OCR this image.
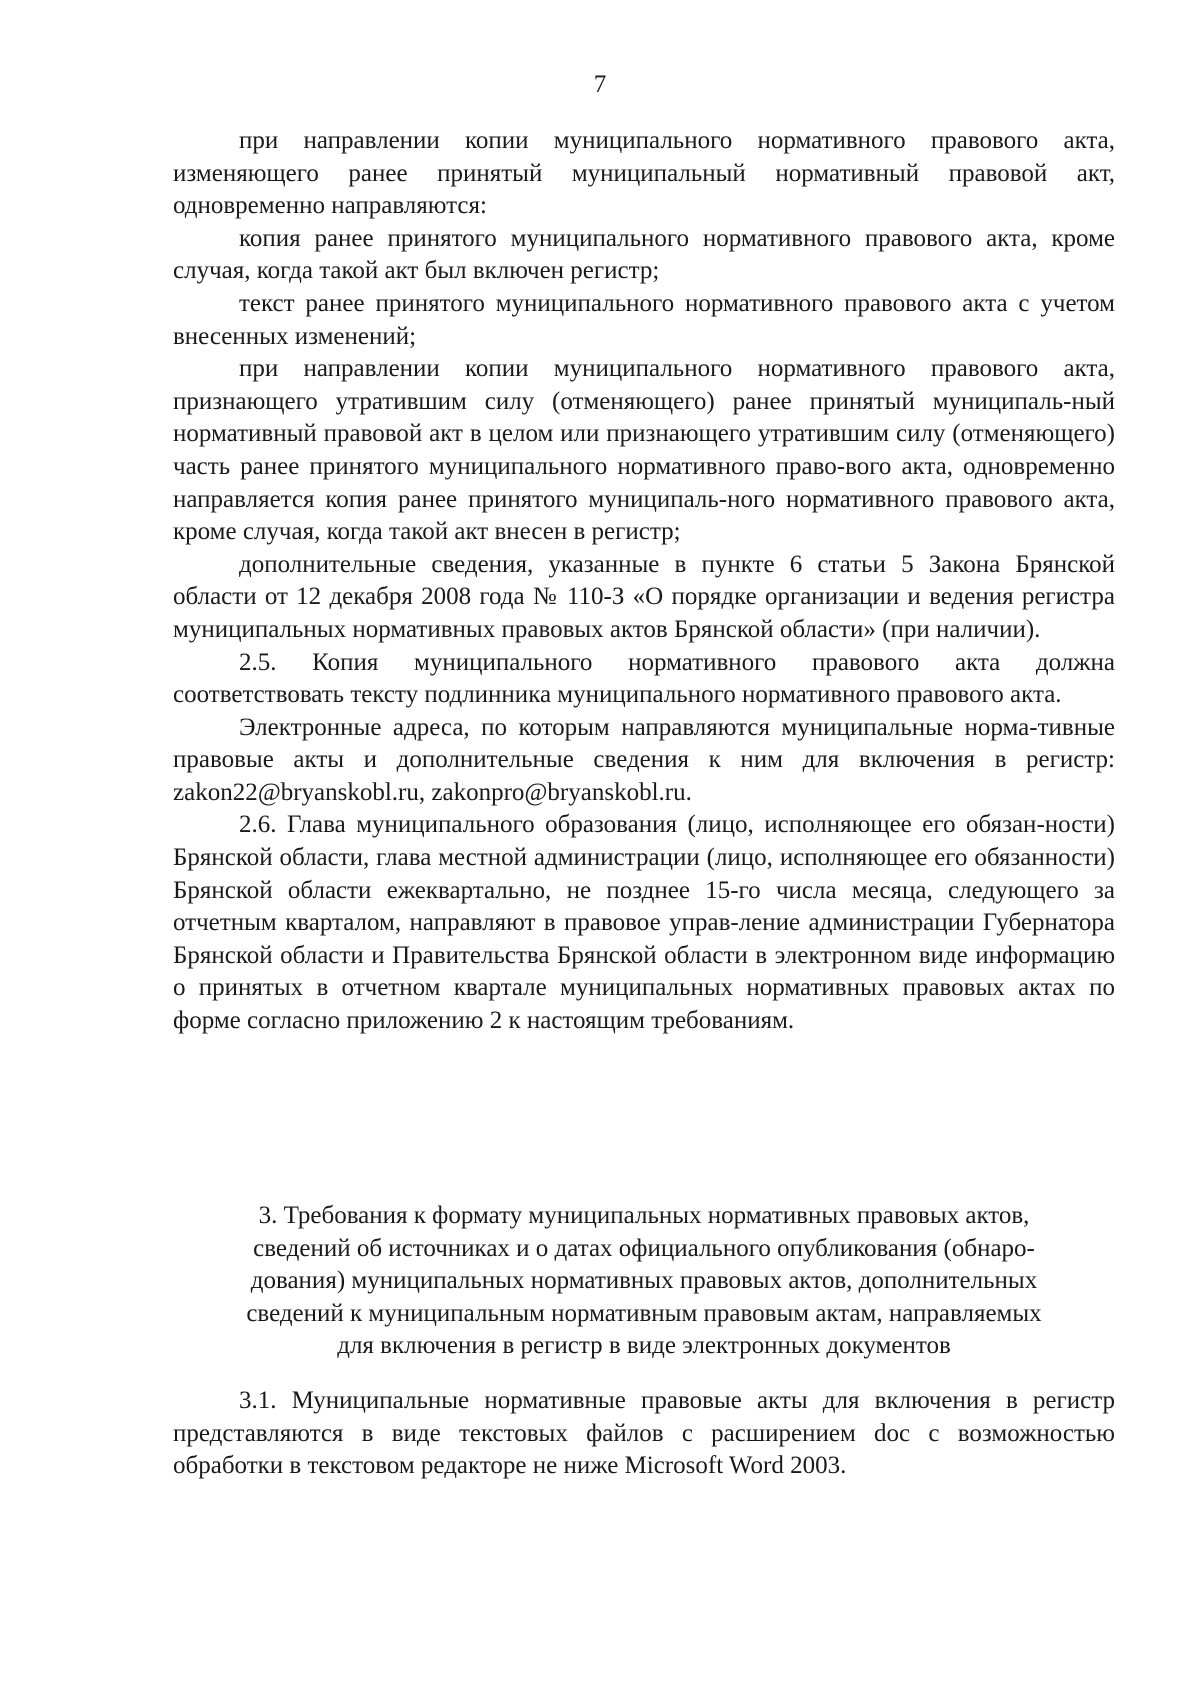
7

при направлении копии муниципального нормативного правового акта, изменяющего ранее принятый муниципальный нормативный правовой акт, одновременно направляются:

копия ранее принятого муниципального нормативного правового акта, кроме случая, когда такой акт был включен регистр;

текст ранее принятого муниципального нормативного правового акта с учетом внесенных изменений;

при направлении копии муниципального нормативного правового акта, признающего утратившим силу (отменяющего) ранее принятый муниципаль-ный нормативный правовой акт в целом или признающего утратившим силу (отменяющего) часть ранее принятого муниципального нормативного право-вого акта, одновременно направляется копия ранее принятого муниципаль-ного нормативного правового акта, кроме случая, когда такой акт внесен в регистр;

дополнительные сведения, указанные в пункте 6 статьи 5 Закона Брянской области от 12 декабря 2008 года № 110-З «О порядке организации и ведения регистра муниципальных нормативных правовых актов Брянской области» (при наличии).

2.5. Копия муниципального нормативного правового акта должна соответствовать тексту подлинника муниципального нормативного правового акта.

Электронные адреса, по которым направляются муниципальные норма-тивные правовые акты и дополнительные сведения к ним для включения в регистр: zakon22@bryanskobl.ru, zakonpro@bryanskobl.ru.

2.6. Глава муниципального образования (лицо, исполняющее его обязан-ности) Брянской области, глава местной администрации (лицо, исполняющее его обязанности) Брянской области ежеквартально, не позднее 15-го числа месяца, следующего за отчетным кварталом, направляют в правовое управ-ление администрации Губернатора Брянской области и Правительства Брянской области в электронном виде информацию о принятых в отчетном квартале муниципальных нормативных правовых актах по форме согласно приложению 2 к настоящим требованиям.

3. Требования к формату муниципальных нормативных правовых актов,

сведений об источниках и о датах официального опубликования (обнаро-

дования) муниципальных нормативных правовых актов, дополнительных

сведений к муниципальным нормативным правовым актам, направляемых

для включения в регистр в виде электронных документов

3.1. Муниципальные нормативные правовые акты для включения в регистр представляются в виде текстовых файлов с расширением doc с возможностью обработки в текстовом редакторе не ниже Microsoft Word 2003.
